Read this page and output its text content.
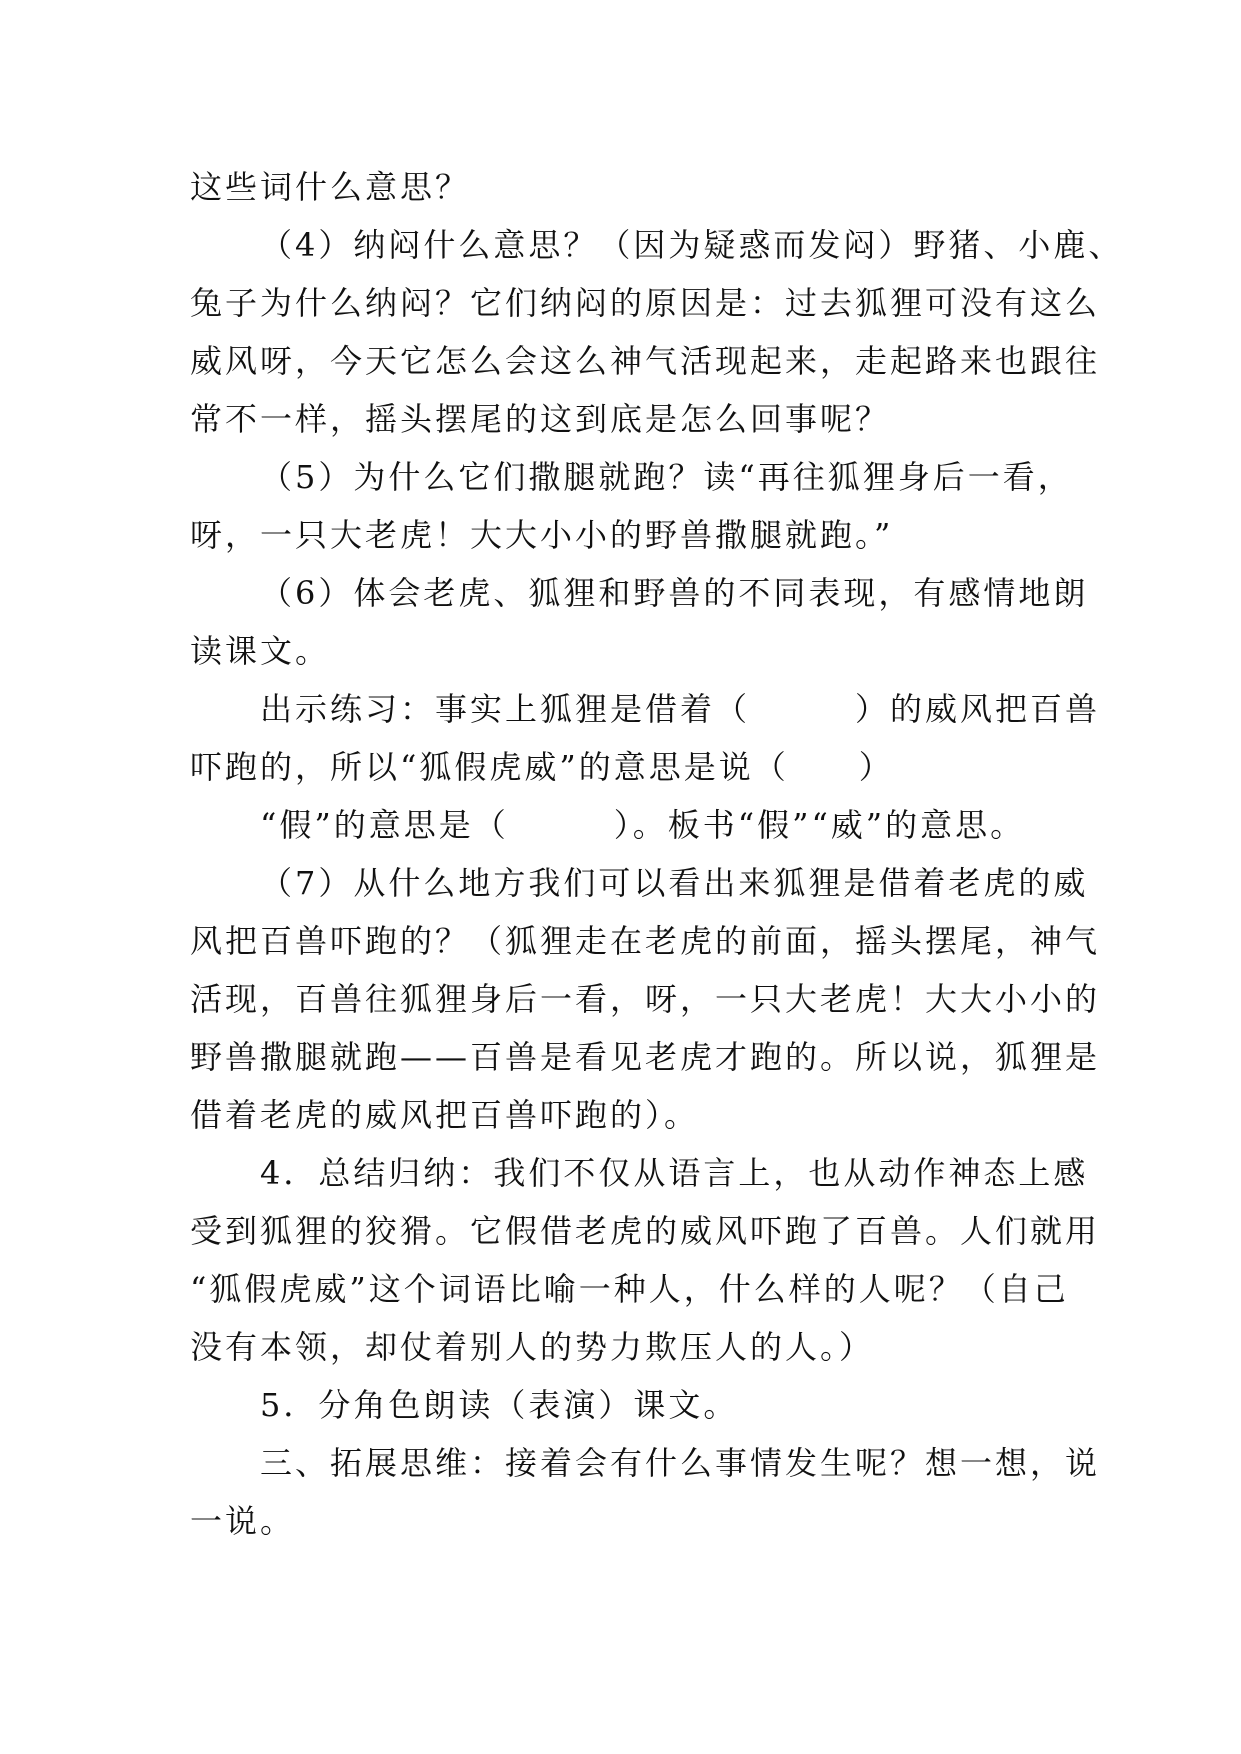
这些词什么意思？
（4）纳闷什么意思？（因为疑惑而发闷）野猪、小鹿、
兔子为什么纳闷？它们纳闷的原因是：过去狐狸可没有这么
威风呀，今天它怎么会这么神气活现起来，走起路来也跟往
常不一样，摇头摆尾的这到底是怎么回事呢？
（5）为什么它们撒腿就跑？读“再往狐狸身后一看，
呀，一只大老虎！大大小小的野兽撒腿就跑。”
（6）体会老虎、狐狸和野兽的不同表现，有感情地朗
读课文。
出示练习：事实上狐狸是借着（　　　）的威风把百兽
吓跑的，所以“狐假虎威”的意思是说（　　）
“假”的意思是（　　　）。板书“假”“威”的意思。
（7）从什么地方我们可以看出来狐狸是借着老虎的威
风把百兽吓跑的？（狐狸走在老虎的前面，摇头摆尾，神气
活现，百兽往狐狸身后一看，呀，一只大老虎！大大小小的
野兽撒腿就跑——百兽是看见老虎才跑的。所以说，狐狸是
借着老虎的威风把百兽吓跑的）。
4．总结归纳：我们不仅从语言上，也从动作神态上感
受到狐狸的狡猾。它假借老虎的威风吓跑了百兽。人们就用
“狐假虎威”这个词语比喻一种人，什么样的人呢？（自己
没有本领，却仗着别人的势力欺压人的人。）
5．分角色朗读（表演）课文。
三、拓展思维：接着会有什么事情发生呢？想一想，说
一说。
